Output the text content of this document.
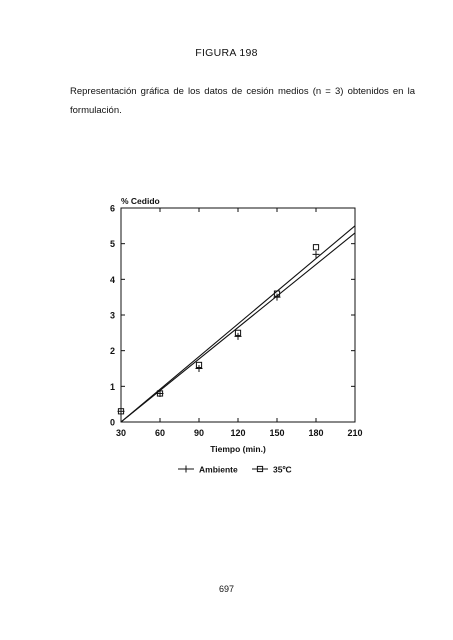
FIGURA 198
Representación gráfica de los datos de cesión medios (n = 3) obtenidos en la formulación.
0
1
2
3
4
5
6
30	60	90	120	150	180	210
% Cedido
Tiempo (min.)
Ambiente	35ºC
697
